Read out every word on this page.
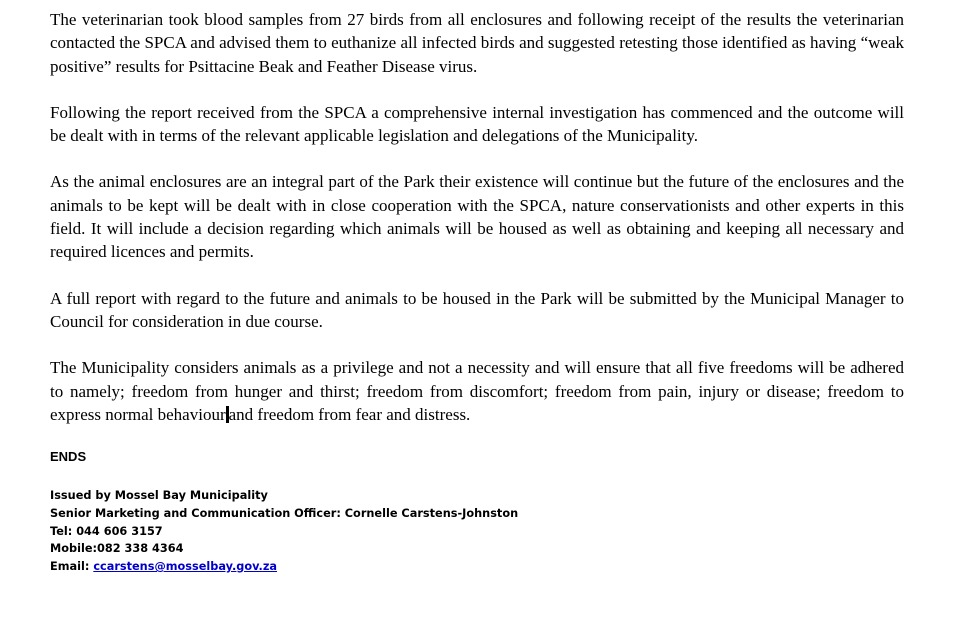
The veterinarian took blood samples from 27 birds from all enclosures and following receipt of the results the veterinarian contacted the SPCA and advised them to euthanize all infected birds and suggested retesting those identified as having “weak positive” results for Psittacine Beak and Feather Disease virus.

Following the report received from the SPCA a comprehensive internal investigation has commenced and the outcome will be dealt with in terms of the relevant applicable legislation and delegations of the Municipality.

As the animal enclosures are an integral part of the Park their existence will continue but the future of the enclosures and the animals to be kept will be dealt with in close cooperation with the SPCA, nature conservationists and other experts in this field. It will include a decision regarding which animals will be housed as well as obtaining and keeping all necessary and required licences and permits.

A full report with regard to the future and animals to be housed in the Park will be submitted by the Municipal Manager to Council for consideration in due course.

The Municipality considers animals as a privilege and not a necessity and will ensure that all five freedoms will be adhered to namely; freedom from hunger and thirst; freedom from discomfort; freedom from pain, injury or disease; freedom to express normal behaviour and freedom from fear and distress.

ENDS

Issued by Mossel Bay Municipality
Senior Marketing and Communication Officer: Cornelle Carstens-Johnston
Tel: 044 606 3157
Mobile:082 338 4364
Email: ccarstens@mosselbay.gov.za
